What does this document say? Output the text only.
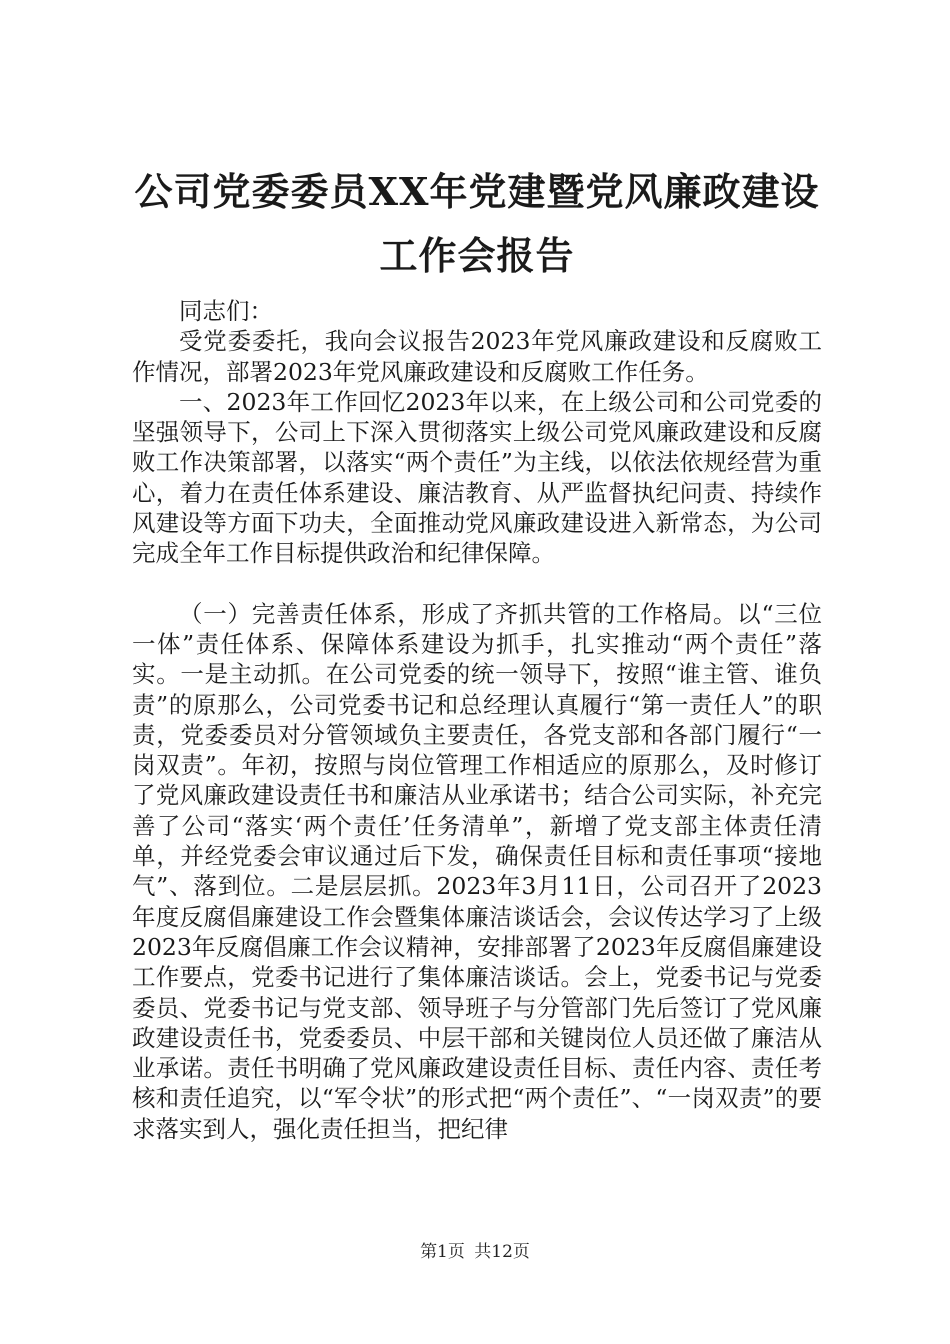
公司党委委员XX年党建暨党风廉政建设工作会报告

同志们：

受党委委托，我向会议报告2023年党风廉政建设和反腐败工作情况，部署2023年党风廉政建设和反腐败工作任务。

一、2023年工作回忆2023年以来，在上级公司和公司党委的坚强领导下，公司上下深入贯彻落实上级公司党风廉政建设和反腐败工作决策部署，以落实“两个责任”为主线，以依法依规经营为重心，着力在责任体系建设、廉洁教育、从严监督执纪问责、持续作风建设等方面下功夫，全面推动党风廉政建设进入新常态，为公司完成全年工作目标提供政治和纪律保障。

（一）完善责任体系，形成了齐抓共管的工作格局。以“三位一体”责任体系、保障体系建设为抓手，扎实推动“两个责任”落实。一是主动抓。在公司党委的统一领导下，按照“谁主管、谁负责”的原那么，公司党委书记和总经理认真履行“第一责任人”的职责，党委委员对分管领域负主要责任，各党支部和各部门履行“一岗双责”。年初，按照与岗位管理工作相适应的原那么，及时修订了党风廉政建设责任书和廉洁从业承诺书；结合公司实际，补充完善了公司“落实‘两个责任’任务清单”，新增了党支部主体责任清单，并经党委会审议通过后下发，确保责任目标和责任事项“接地气”、落到位。二是层层抓。2023年3月11日，公司召开了2023年度反腐倡廉建设工作会暨集体廉洁谈话会，会议传达学习了上级2023年反腐倡廉工作会议精神，安排部署了2023年反腐倡廉建设工作要点，党委书记进行了集体廉洁谈话。会上，党委书记与党委委员、党委书记与党支部、领导班子与分管部门先后签订了党风廉政建设责任书，党委委员、中层干部和关键岗位人员还做了廉洁从业承诺。责任书明确了党风廉政建设责任目标、责任内容、责任考核和责任追究，以“军令状”的形式把“两个责任”、“一岗双责”的要求落实到人，强化责任担当，把纪律

第1页 共12页
